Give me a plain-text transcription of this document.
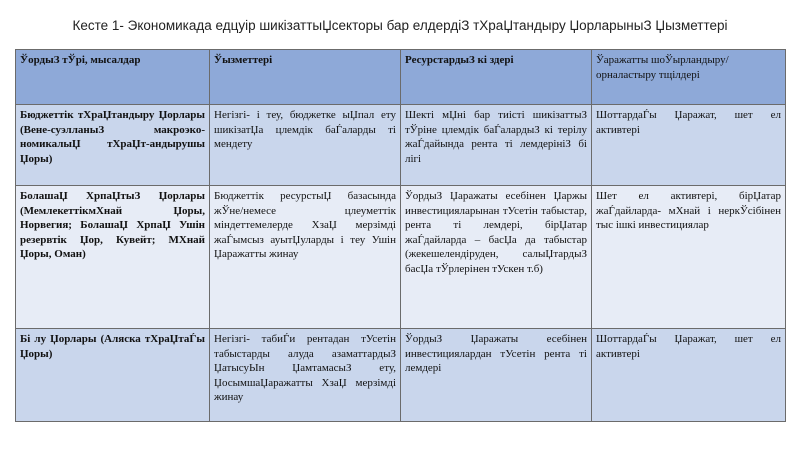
Кесте 1- Экономикада едцуір шикізаттыЏсекторы бар елдердіЗ тХраЏтандыру ЏорларыныЗ Џызметтері
ЎордыЗ тЎрі, мысалдар	Ўызметтері	РесурстардыЗ кі здері	Ўаражатты шоЎырландыру/ орналастыру тщілдері
Бюджеттік тХраЏтандыру Џорлары (Вене-суэлланыЗ макроэко-номикалыЏ тХраЏт-андырушы Џоры)	Негізгі- і теу, бюджетке ыЏпал ету шикізатЏа цлемдік баЃаларды ті мендету	Шекті мЏні бар тиісті шикізаттыЗ тЎріне цлемдік баЃалардыЗ кі терілу жаЃдайында рента ті лемдерініЗ бі лігі	ШоттардаЃы Џаражат, шет ел активтері
БолашаЏ ХрпаЏтыЗ Џорлары (МемлекеттікмХнай Џоры, Норвегия; БолашаЏ ХрпаЏ Ушін резервтік Џор, Кувейт; МХнай Џоры, Оман)	Бюджеттік ресурстыЏ базасында жЎне/немесе цлеуметтік міндеттемелерде ХзаЏ мерзімді жаЃымсыз ауытЏуларды і теу Ушін Џаражатты жинау	ЎордыЗ Џаражаты есебінен Џаржы инвестицияларынан тУсетін табыстар, рента ті лемдері, бірЏатар жаЃдайларда – басЏа да табыстар (жекешелендіруден, салыЏтардыЗ басЏа тЎрлерінен тУскен т.б)	Шет ел активтері, бірЏатар жаЃдайларда- мХнай і неркЎсібінен тыс ішкі инвестициялар
Бі лу Џорлары (Аляска тХраЏтаЃы Џоры)	Негізгі- табиЃи рентадан тУсетін табыстарды алуда азаматтардыЗ ЏатысуЫн ЏамтамасыЗ ету, ЏосымшаЏаражатты ХзаЏ мерзімді жинау	ЎордыЗ Џаражаты есебінен инвестициялардан тУсетін рента ті лемдері	ШоттардаЃы Џаражат, шет ел активтері
